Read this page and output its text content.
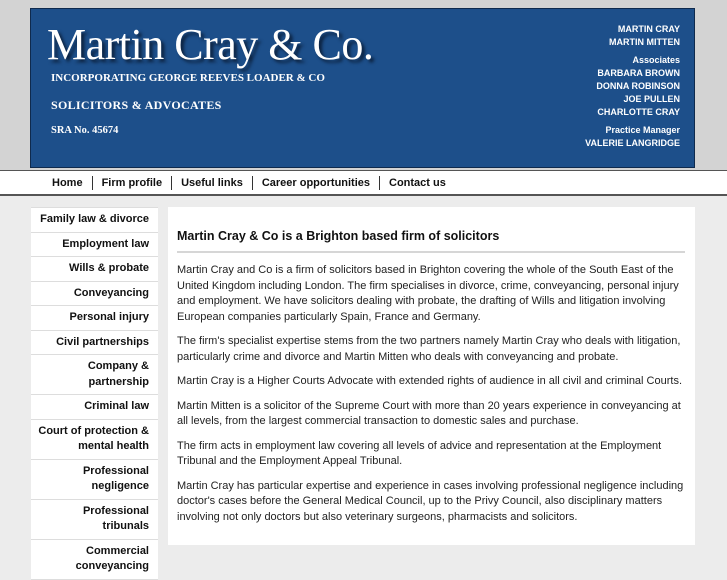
Martin Cray & Co.
INCORPORATING GEORGE REEVES LOADER & CO
SOLICITORS & ADVOCATES
SRA No. 45674
MARTIN CRAY
MARTIN MITTEN
Associates
BARBARA BROWN
DONNA ROBINSON
JOE PULLEN
CHARLOTTE CRAY
Practice Manager
VALERIE LANGRIDGE
Home	Firm profile	Useful links	Career opportunities	Contact us
Family law & divorce
Employment law
Wills & probate
Conveyancing
Personal injury
Civil partnerships
Company & partnership
Criminal law
Court of protection & mental health
Professional negligence
Professional tribunals
Commercial conveyancing
Martin Cray & Co is a Brighton based firm of solicitors

Martin Cray and Co is a firm of solicitors based in Brighton covering the whole of the South East of the United Kingdom including London. The firm specialises in divorce, crime, conveyancing, personal injury and employment. We have solicitors dealing with probate, the drafting of Wills and litigation involving European companies particularly Spain, France and Germany.

The firm's specialist expertise stems from the two partners namely Martin Cray who deals with litigation, particularly crime and divorce and Martin Mitten who deals with conveyancing and probate.

Martin Cray is a Higher Courts Advocate with extended rights of audience in all civil and criminal Courts.

Martin Mitten is a solicitor of the Supreme Court with more than 20 years experience in conveyancing at all levels, from the largest commercial transaction to domestic sales and purchase.

The firm acts in employment law covering all levels of advice and representation at the Employment Tribunal and the Employment Appeal Tribunal.

Martin Cray has particular expertise and experience in cases involving professional negligence including doctor's cases before the General Medical Council, up to the Privy Council, also disciplinary matters involving not only doctors but also veterinary surgeons, pharmacists and solicitors.
